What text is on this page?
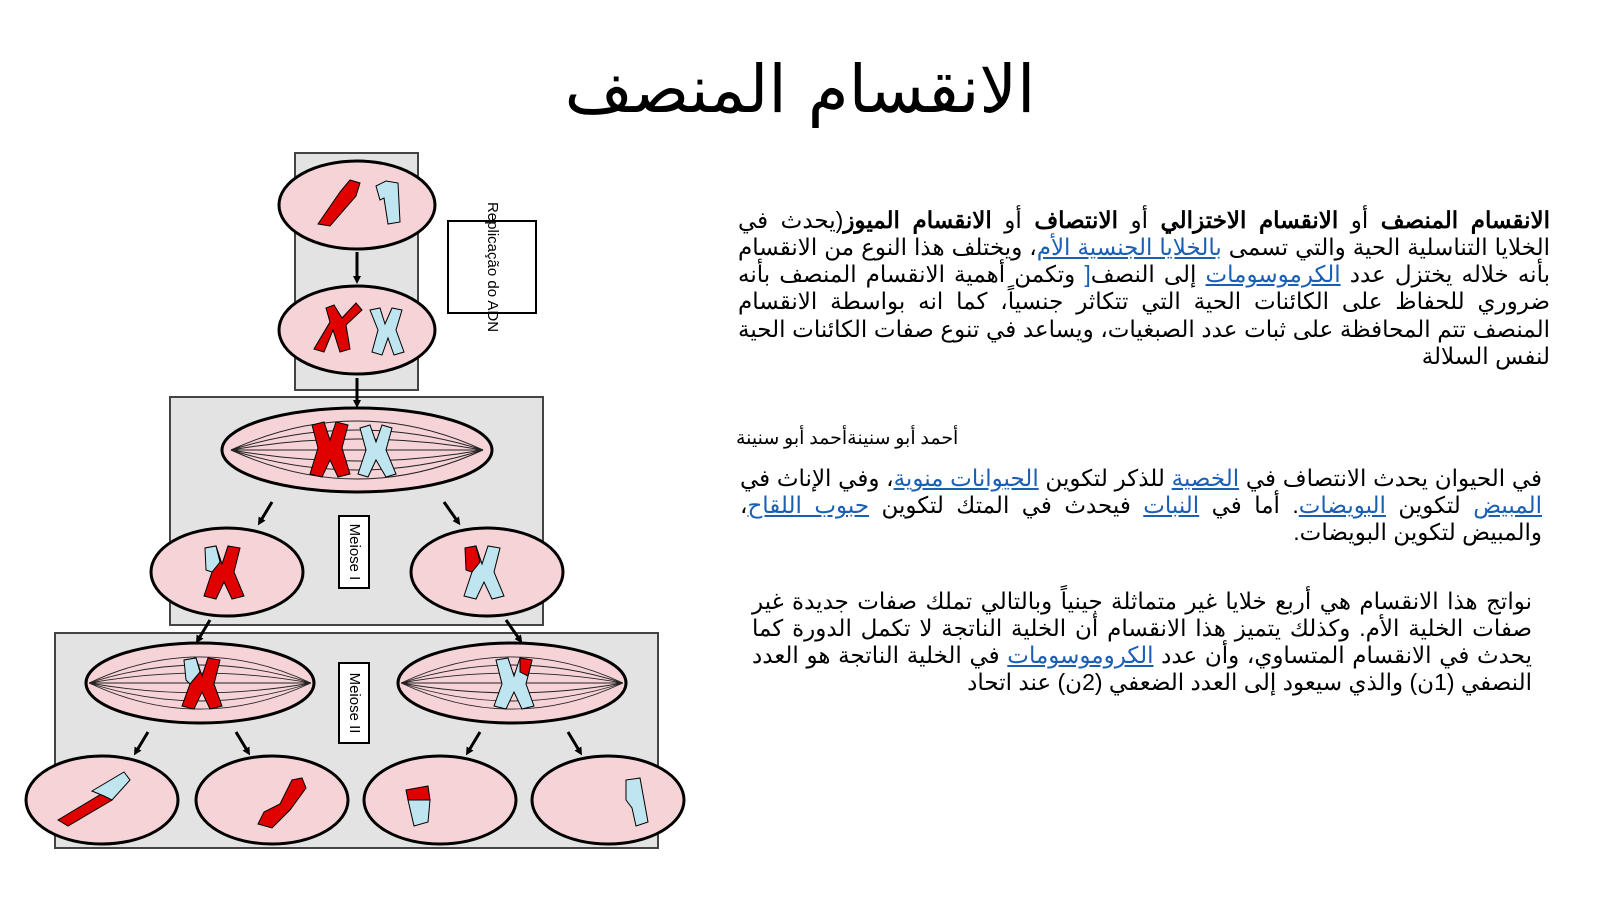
الانقسام المنصف
Replicação do ADN
Meiose I
Meiose II
الانقسام المنصف أو الانقسام الاختزالي أو الانتصاف أو الانقسام الميوز(يحدث في الخلايا التناسلية الحية والتي تسمى بالخلايا الجنسية الأم، ويختلف هذا النوع من الانقسام بأنه خلاله يختزل عدد الكرموسومات إلى النصف[ وتكمن أهمية الانقسام المنصف بأنه ضروري للحفاظ على الكائنات الحية التي تتكاثر جنسياً، كما انه بواسطة الانقسام المنصف تتم المحافظة على ثبات عدد الصبغيات، ويساعد في تنوع صفات الكائنات الحية لنفس السلالة
أحمد أبو سنينةأحمد أبو سنينة
في الحيوان يحدث الانتصاف في الخصية للذكر لتكوين الحيوانات منوية، وفي الإناث في المبيض لتكوين البويضات. أما في النبات فيحدث في المتك لتكوين حبوب اللقاح، والمبيض لتكوين البويضات.
نواتج هذا الانقسام هي أربع خلايا غير متماثلة جينياً وبالتالي تملك صفات جديدة غير صفات الخلية الأم. وكذلك يتميز هذا الانقسام أن الخلية الناتجة لا تكمل الدورة كما يحدث في الانقسام المتساوي، وأن عدد الكروموسومات في الخلية الناتجة هو العدد النصفي (1ن) والذي سيعود إلى العدد الضعفي (2ن) عند اتحاد
